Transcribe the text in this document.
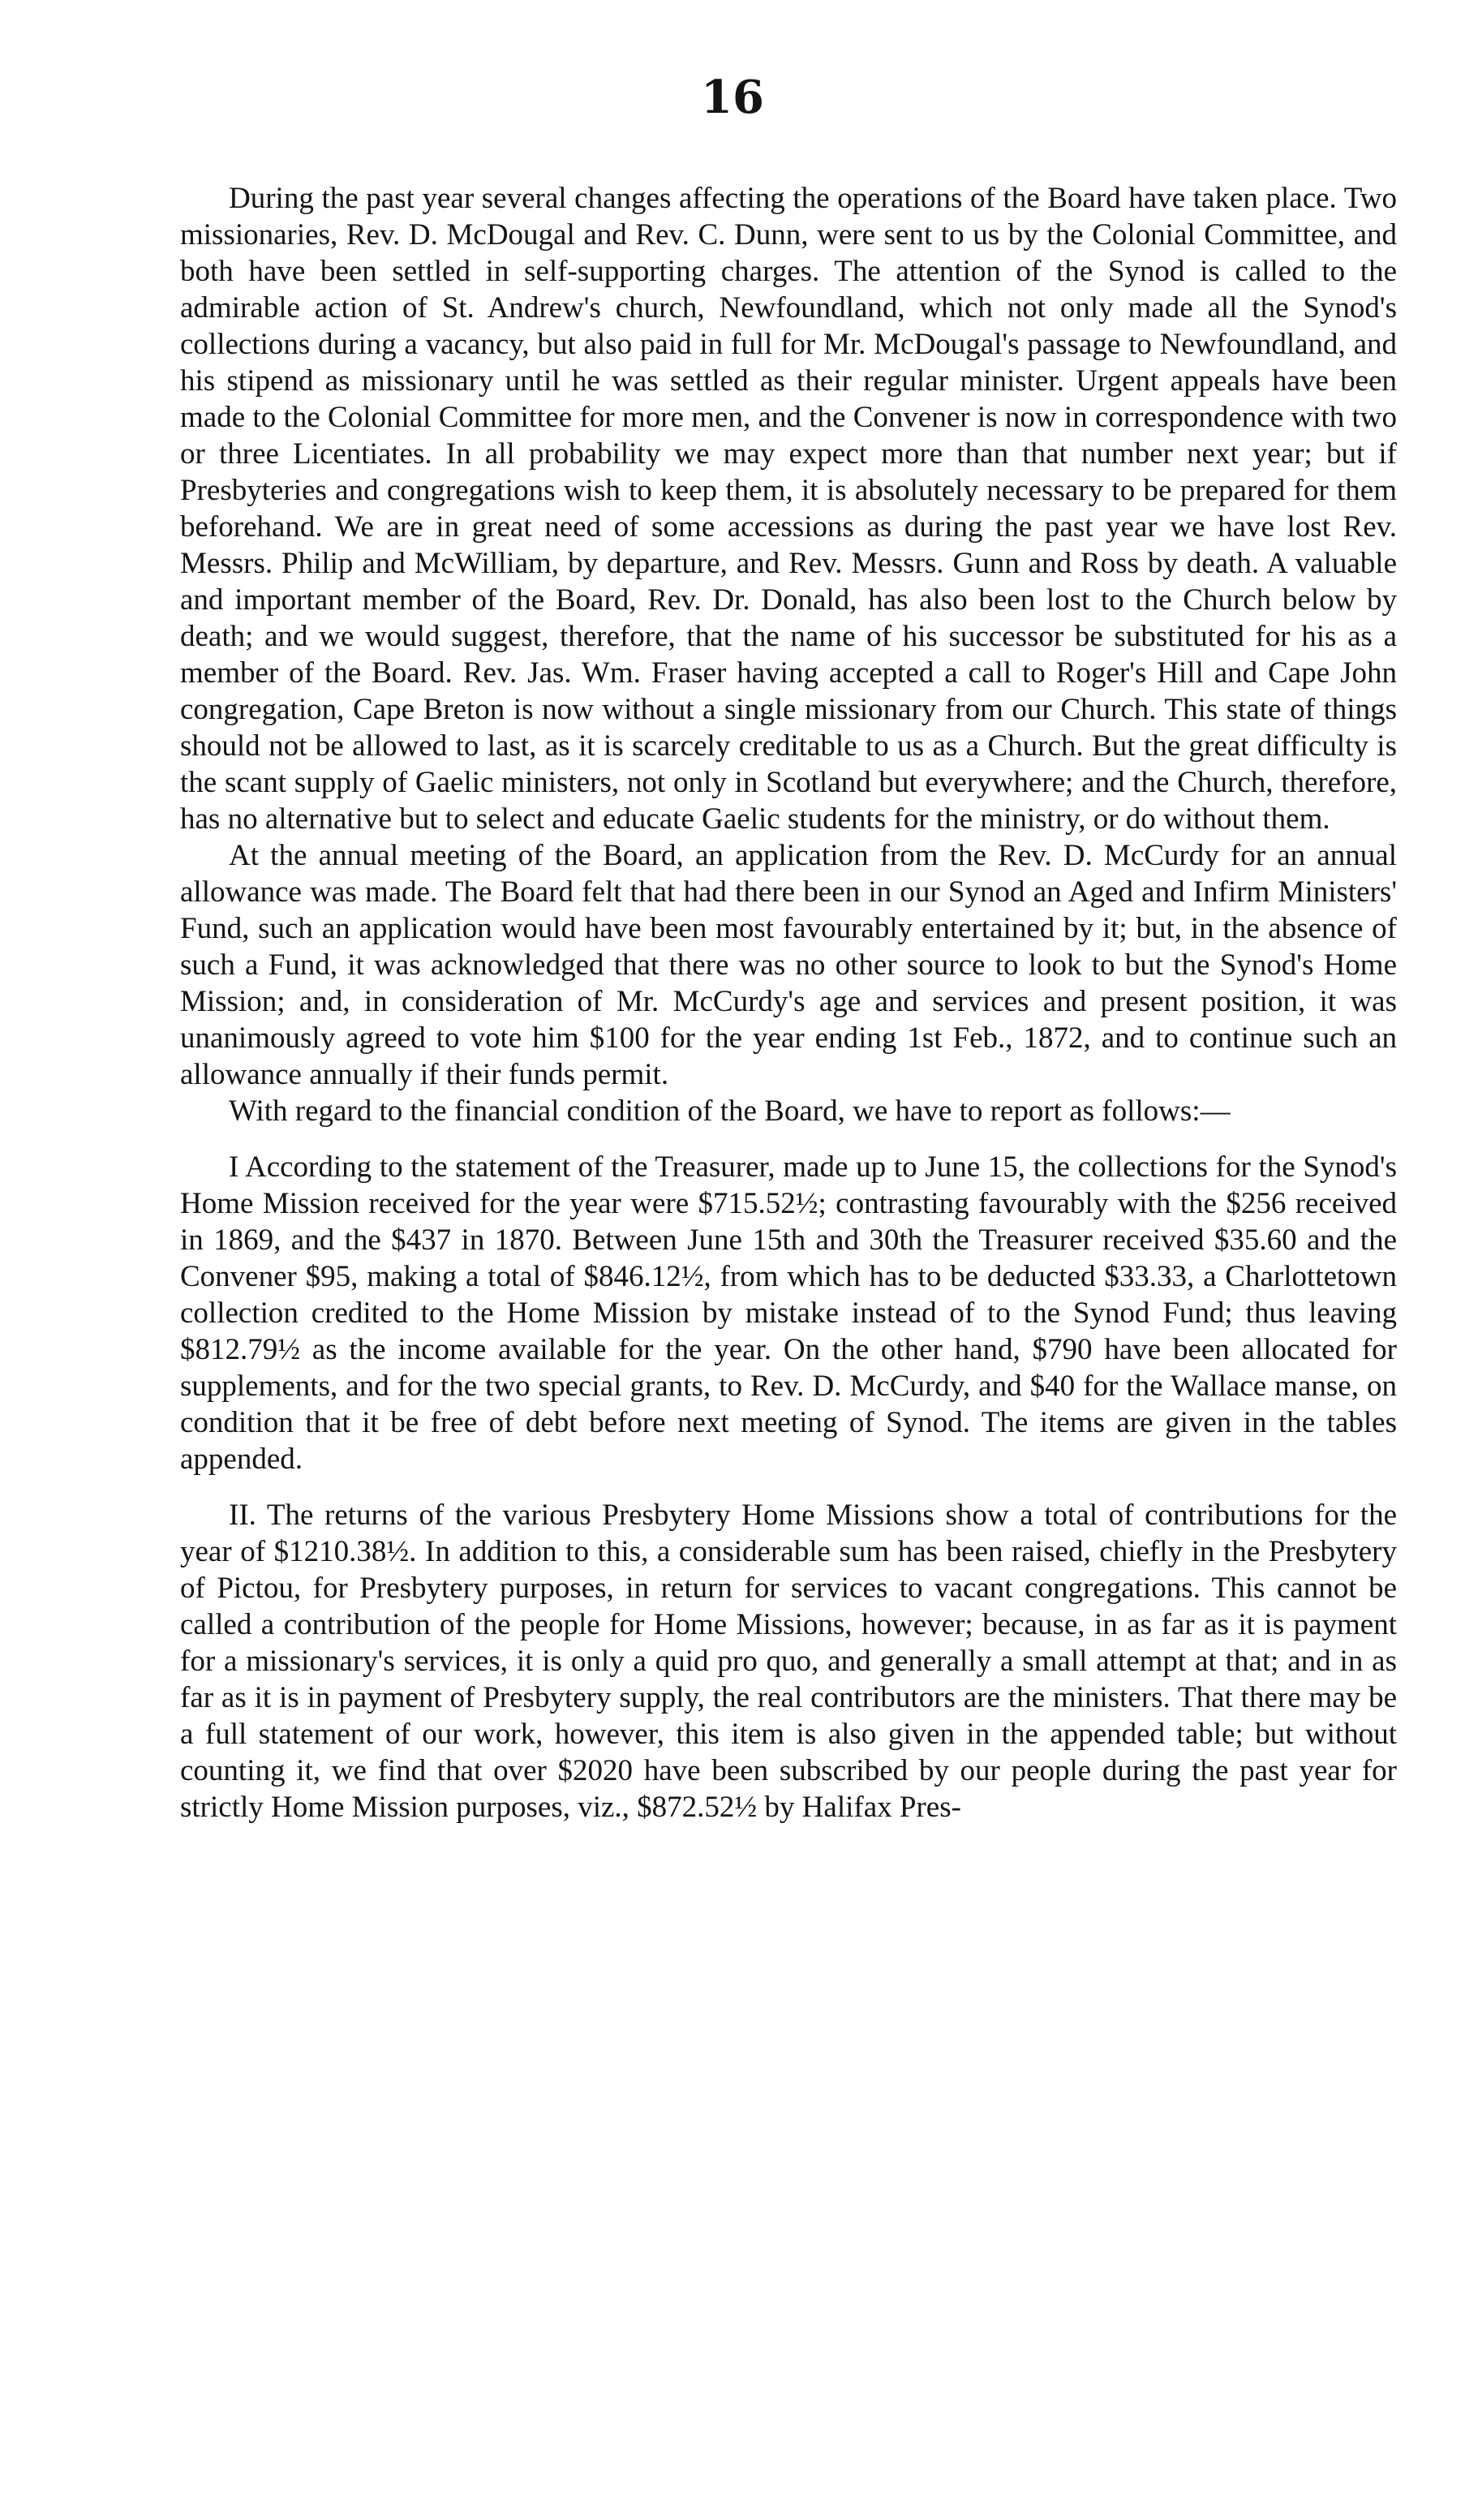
16

During the past year several changes affecting the operations of the Board have taken place. Two missionaries, Rev. D. McDougal and Rev. C. Dunn, were sent to us by the Colonial Committee, and both have been settled in self-supporting charges. The attention of the Synod is called to the admirable action of St. Andrew's church, Newfoundland, which not only made all the Synod's collections during a vacancy, but also paid in full for Mr. McDougal's passage to Newfoundland, and his stipend as missionary until he was settled as their regular minister. Urgent appeals have been made to the Colonial Committee for more men, and the Convener is now in correspondence with two or three Licentiates. In all probability we may expect more than that number next year; but if Presbyteries and congregations wish to keep them, it is absolutely necessary to be prepared for them beforehand. We are in great need of some accessions as during the past year we have lost Rev. Messrs. Philip and McWilliam, by departure, and Rev. Messrs. Gunn and Ross by death. A valuable and important member of the Board, Rev. Dr. Donald, has also been lost to the Church below by death; and we would suggest, therefore, that the name of his successor be substituted for his as a member of the Board. Rev. Jas. Wm. Fraser having accepted a call to Roger's Hill and Cape John congregation, Cape Breton is now without a single missionary from our Church. This state of things should not be allowed to last, as it is scarcely creditable to us as a Church. But the great difficulty is the scant supply of Gaelic ministers, not only in Scotland but everywhere; and the Church, therefore, has no alternative but to select and educate Gaelic students for the ministry, or do without them.

At the annual meeting of the Board, an application from the Rev. D. McCurdy for an annual allowance was made. The Board felt that had there been in our Synod an Aged and Infirm Ministers' Fund, such an application would have been most favourably entertained by it; but, in the absence of such a Fund, it was acknowledged that there was no other source to look to but the Synod's Home Mission; and, in consideration of Mr. McCurdy's age and services and present position, it was unanimously agreed to vote him $100 for the year ending 1st Feb., 1872, and to continue such an allowance annually if their funds permit.

With regard to the financial condition of the Board, we have to report as follows:—

I According to the statement of the Treasurer, made up to June 15, the collections for the Synod's Home Mission received for the year were $715.52½; contrasting favourably with the $256 received in 1869, and the $437 in 1870. Between June 15th and 30th the Treasurer received $35.60 and the Convener $95, making a total of $846.12½, from which has to be deducted $33.33, a Charlottetown collection credited to the Home Mission by mistake instead of to the Synod Fund; thus leaving $812.79½ as the income available for the year. On the other hand, $790 have been allocated for supplements, and for the two special grants, to Rev. D. McCurdy, and $40 for the Wallace manse, on condition that it be free of debt before next meeting of Synod. The items are given in the tables appended.

II. The returns of the various Presbytery Home Missions show a total of contributions for the year of $1210.38½. In addition to this, a considerable sum has been raised, chiefly in the Presbytery of Pictou, for Presbytery purposes, in return for services to vacant congregations. This cannot be called a contribution of the people for Home Missions, however; because, in as far as it is payment for a missionary's services, it is only a quid pro quo, and generally a small attempt at that; and in as far as it is in payment of Presbytery supply, the real contributors are the ministers. That there may be a full statement of our work, however, this item is also given in the appended table; but without counting it, we find that over $2020 have been subscribed by our people during the past year for strictly Home Mission purposes, viz., $872.52½ by Halifax Pres-
